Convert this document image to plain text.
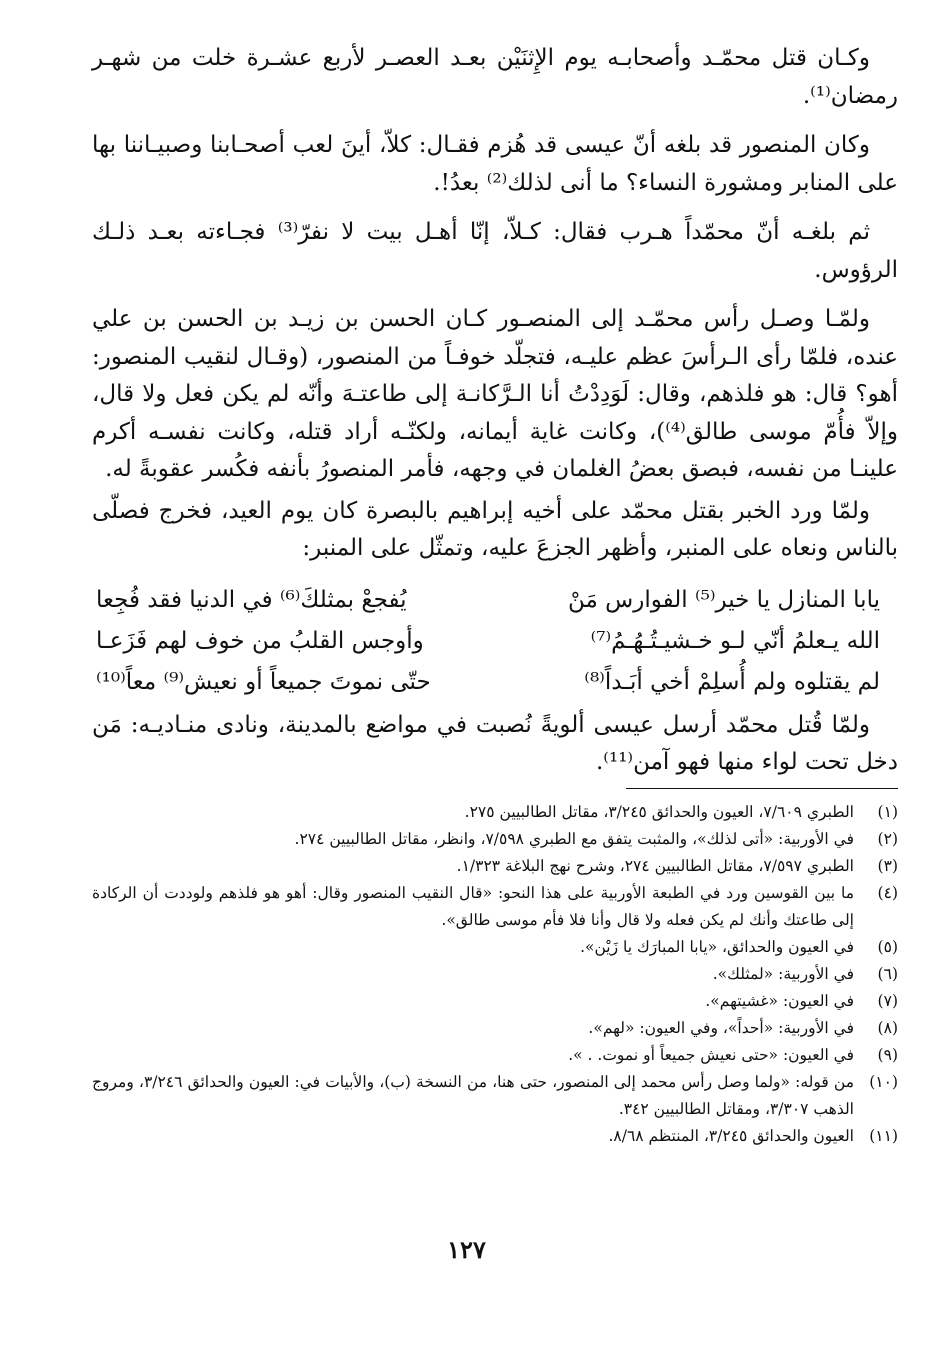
وكـان قتل محمّـد وأصحابـه يوم الإِثنَيْن بعـد العصـر لأربع عشـرة خلت من شهـر رمضان⁽¹⁾.

وكان المنصور قد بلغه أنّ عيسى قد هُزم فقـال: كلاّ، أينَ لعب أصحـابنا وصبيـاننا بها على المنابر ومشورة النساء؟ ما أنى لذلك⁽²⁾ بعدُ!.

ثم بلغـه أنّ محمّداً هـرب فقال: كـلاّ، إنّا أهـل بيت لا نفرّ⁽³⁾ فجـاءته بعـد ذلـك الرؤوس.

ولمّـا وصـل رأس محمّـد إلى المنصـور كـان الحسن بن زيـد بن الحسن بن علي عنده، فلمّا رأى الـرأسَ عظم عليـه، فتجلّد خوفـاً من المنصور، (وقـال لنقيب المنصور: أهو؟ قال: هو فلذهم، وقال: لَوَدِدْتُ أنا الـرَّكانـة إلى طاعتـهَ وأنّه لم يكن فعل ولا قال، وإلاّ فأُمّ موسى طالق⁽⁴⁾)، وكانت غاية أيمانه، ولكنّـه أراد قتله، وكانت نفسـه أكرم علينـا من نفسه، فبصق بعضُ الغلمان في وجهه، فأمر المنصورُ بأنفه فكُسر عقوبةً له.

ولمّا ورد الخبر بقتل محمّد على أخيه إبراهيم بالبصرة كان يوم العيد، فخرج فصلّى بالناس ونعاه على المنبر، وأظهر الجزعَ عليه، وتمثّل على المنبر:

يابا المنازل يا خير⁽⁵⁾ الفوارس مَنْ
يُفجعْ بمثلكَ⁽⁶⁾ في الدنيا فقد فُجِعا
الله يـعلمُ أنّي لـو خـشيـتُـهُـمُ⁽⁷⁾
وأوجس القلبُ من خوف لهم فَزَعـا
لم يقتلوه ولم أُسلِمْ أخي أبَـداً⁽⁸⁾
حتّى نموتَ جميعاً أو نعيش⁽⁹⁾ معاً⁽¹⁰⁾

ولمّا قُتل محمّد أرسل عيسى ألويةً نُصبت في مواضع بالمدينة، ونادى منـاديـه: مَن دخل تحت لواء منها فهو آمن⁽¹¹⁾.

(١)
الطبري ٧/٦٠٩، العيون والحدائق ٣/٢٤٥، مقاتل الطالبيين ٢٧٥.
(٢)
في الأوربية: «أتى لذلك»، والمثبت يتفق مع الطبري ٧/٥٩٨، وانظر، مقاتل الطالبيين ٢٧٤.
(٣)
الطبري ٧/٥٩٧، مقاتل الطالبيين ٢٧٤، وشرح نهج البلاغة ١/٣٢٣.
(٤)
ما بين القوسين ورد في الطبعة الأوربية على هذا النحو: «قال النقيب المنصور وقال: أهو هو فلذهم ولوددت أن الركادة إلى طاعتك وأنك لم يكن فعله ولا قال وأنا فلا فأم موسى طالق».
(٥)
في العيون والحدائق، «يابا المبارَك يا زَيْن».
(٦)
في الأوربية: «لمثلك».
(٧)
في العيون: «غشيتهم».
(٨)
في الأوربية: «أحداً»، وفي العيون: «لهم».
(٩)
في العيون: «حتى نعيش جميعاً أو نموت. . ».
(١٠)
من قوله: «ولما وصل رأس محمد إلى المنصور، حتى هنا، من النسخة (ب)، والأبيات في: العيون والحدائق ٣/٢٤٦، ومروج الذهب ٣/٣٠٧، ومقاتل الطالبيين ٣٤٢.
(١١)
العيون والحدائق ٣/٢٤٥، المنتظم ٨/٦٨.
١٢٧
